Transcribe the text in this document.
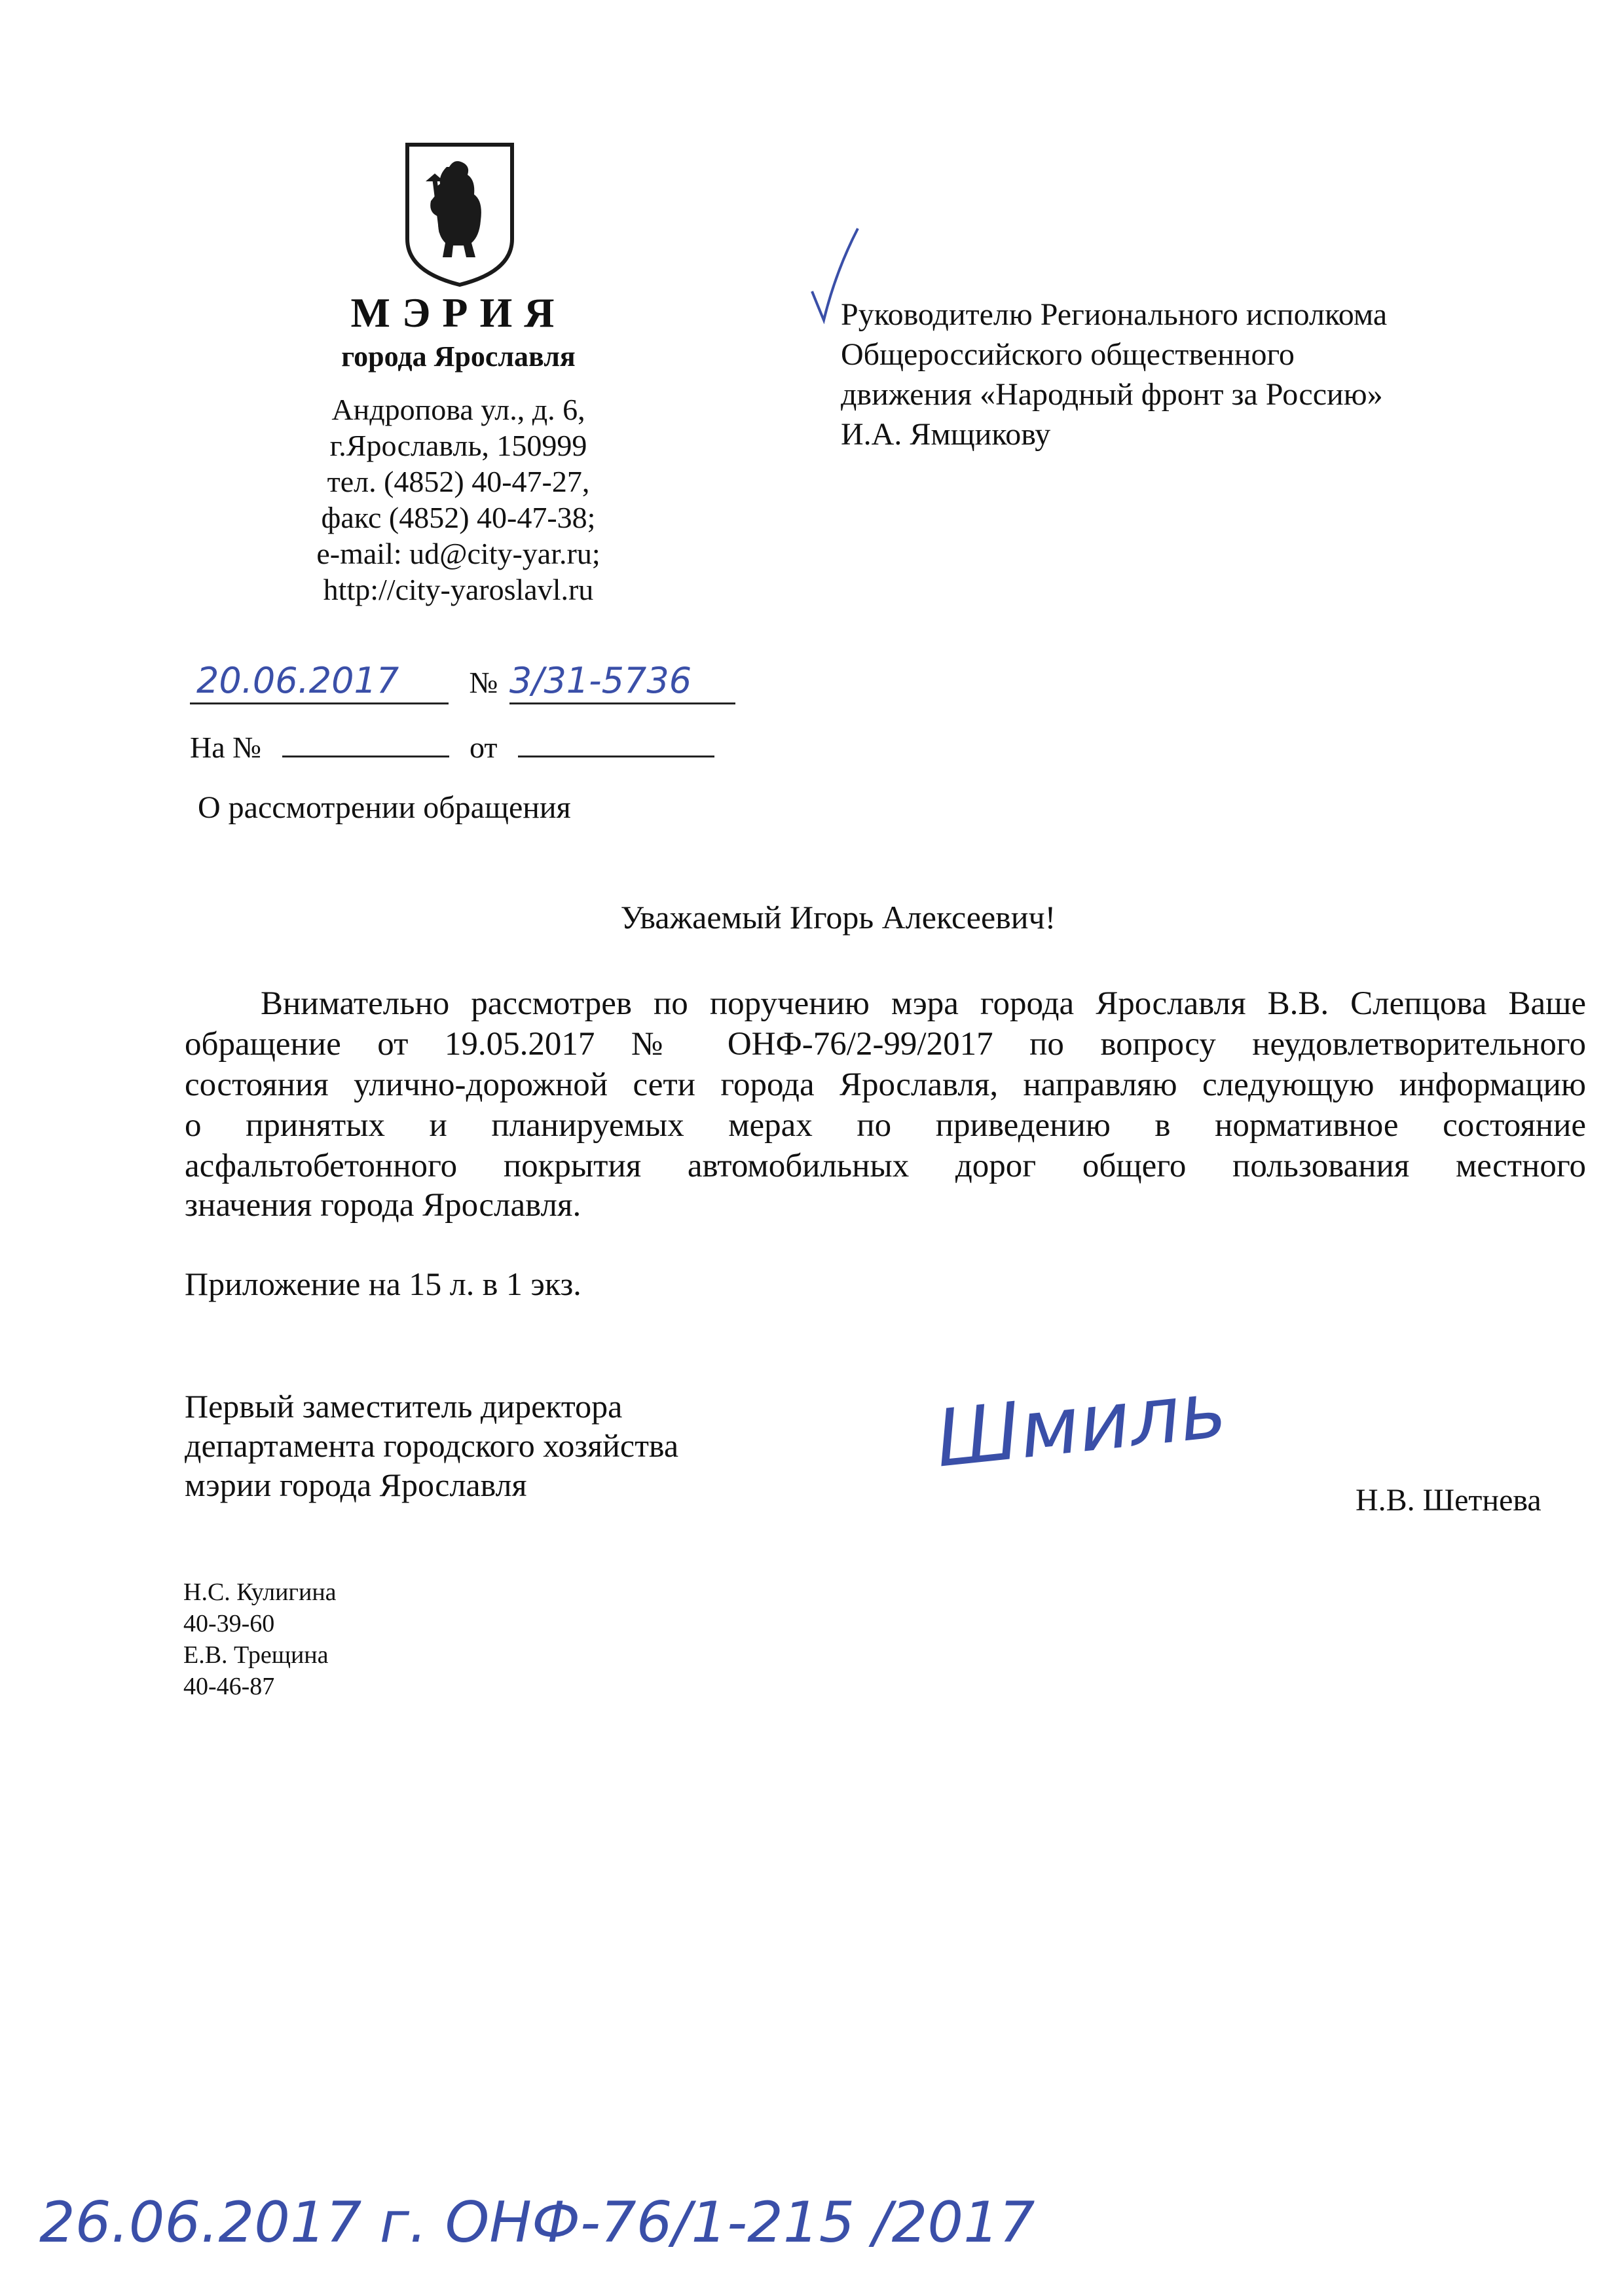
МЭРИЯ
города Ярославля
Андропова ул., д. 6,
г.Ярославль, 150999
тел. (4852) 40-47-27,
факс (4852) 40-47-38;
e-mail: ud@city-yar.ru;
http://city-yaroslavl.ru
Руководителю Регионального исполкома
Общероссийского общественного
движения «Народный фронт за Россию»
И.А. Ямщикову
20.06.2017 № 3/31-5736
На №	от
О рассмотрении обращения
Уважаемый Игорь Алексеевич!
Внимательно рассмотрев по поручению мэра города Ярославля В.В. Слепцова Ваше
обращение от 19.05.2017 № ОНФ-76/2-99/2017 по вопросу неудовлетворительного
состояния улично-дорожной сети города Ярославля, направляю следующую информацию
о принятых и планируемых мерах по приведению в нормативное состояние
асфальтобетонного покрытия автомобильных дорог общего пользования местного
значения города Ярославля.
Приложение на 15 л. в 1 экз.
Первый заместитель директора
департамента городского хозяйства
мэрии города Ярославля	Шмиль
Н.В. Шетнева
Н.С. Кулигина
40-39-60
Е.В. Трещина
40-46-87
26.06.2017 г. ОНФ-76/1-215 /2017
